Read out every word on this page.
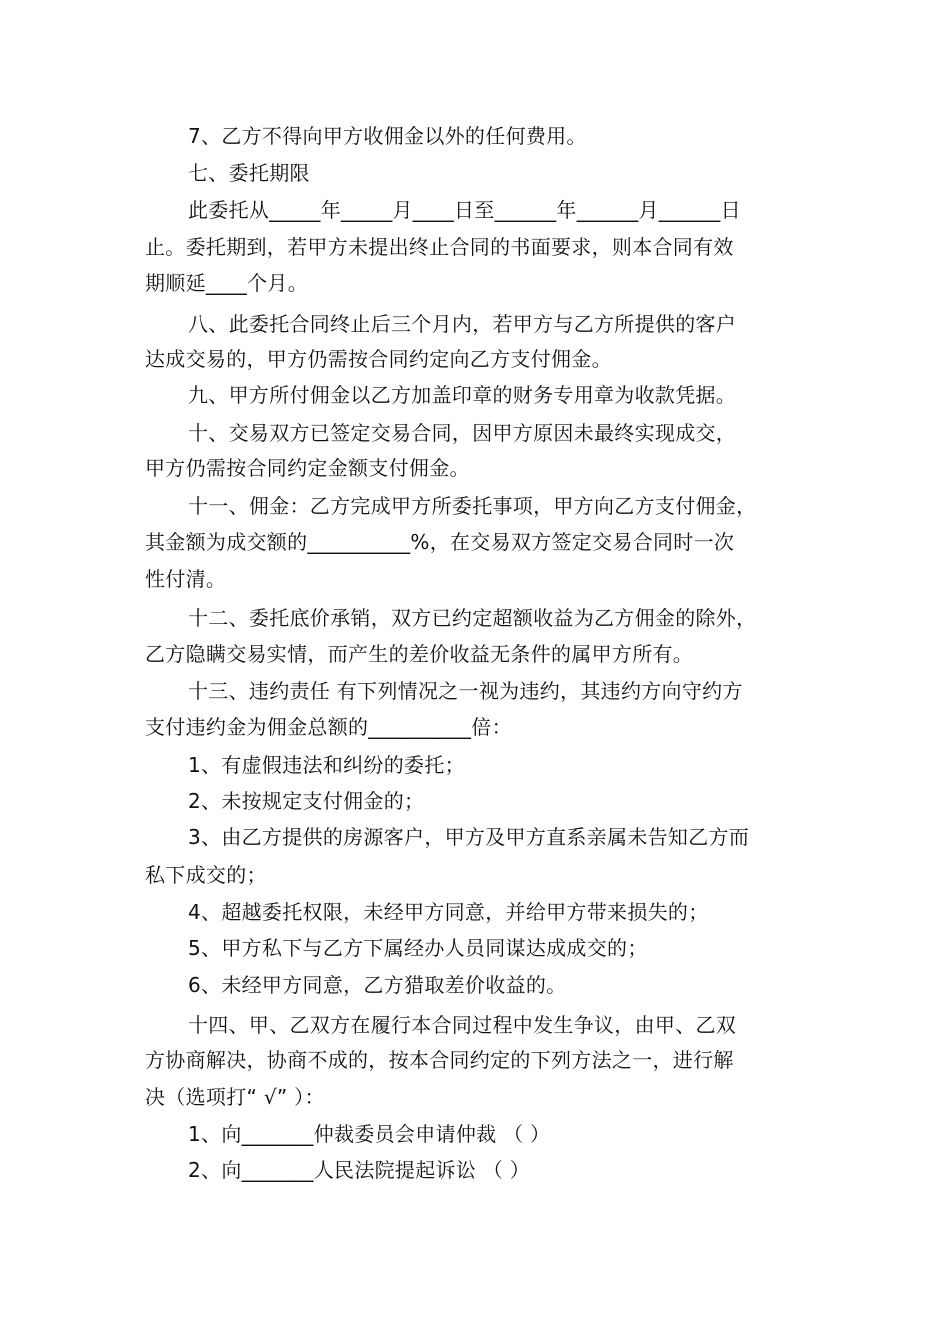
7、乙方不得向甲方收佣金以外的任何费用。
七、委托期限
此委托从_____年_____月____日至______年______月______日
止。委托期到，若甲方未提出终止合同的书面要求，则本合同有效
期顺延____个月。
八、此委托合同终止后三个月内，若甲方与乙方所提供的客户
达成交易的，甲方仍需按合同约定向乙方支付佣金。
九、甲方所付佣金以乙方加盖印章的财务专用章为收款凭据。
十、交易双方已签定交易合同，因甲方原因未最终实现成交，
甲方仍需按合同约定金额支付佣金。
十一、佣金：乙方完成甲方所委托事项，甲方向乙方支付佣金，
其金额为成交额的__________%，在交易双方签定交易合同时一次
性付清。
十二、委托底价承销，双方已约定超额收益为乙方佣金的除外，
乙方隐瞒交易实情，而产生的差价收益无条件的属甲方所有。
十三、违约责任 有下列情况之一视为违约，其违约方向守约方
支付违约金为佣金总额的__________倍：
1、有虚假违法和纠纷的委托；
2、未按规定支付佣金的；
3、由乙方提供的房源客户，甲方及甲方直系亲属未告知乙方而
私下成交的；
4、超越委托权限，未经甲方同意，并给甲方带来损失的；
5、甲方私下与乙方下属经办人员同谋达成成交的；
6、未经甲方同意，乙方猎取差价收益的。
十四、甲、乙双方在履行本合同过程中发生争议，由甲、乙双
方协商解决，协商不成的，按本合同约定的下列方法之一，进行解
决（选项打“ √” ）：
1、向_______仲裁委员会申请仲裁 （ ）
2、向_______人民法院提起诉讼 （ ）
